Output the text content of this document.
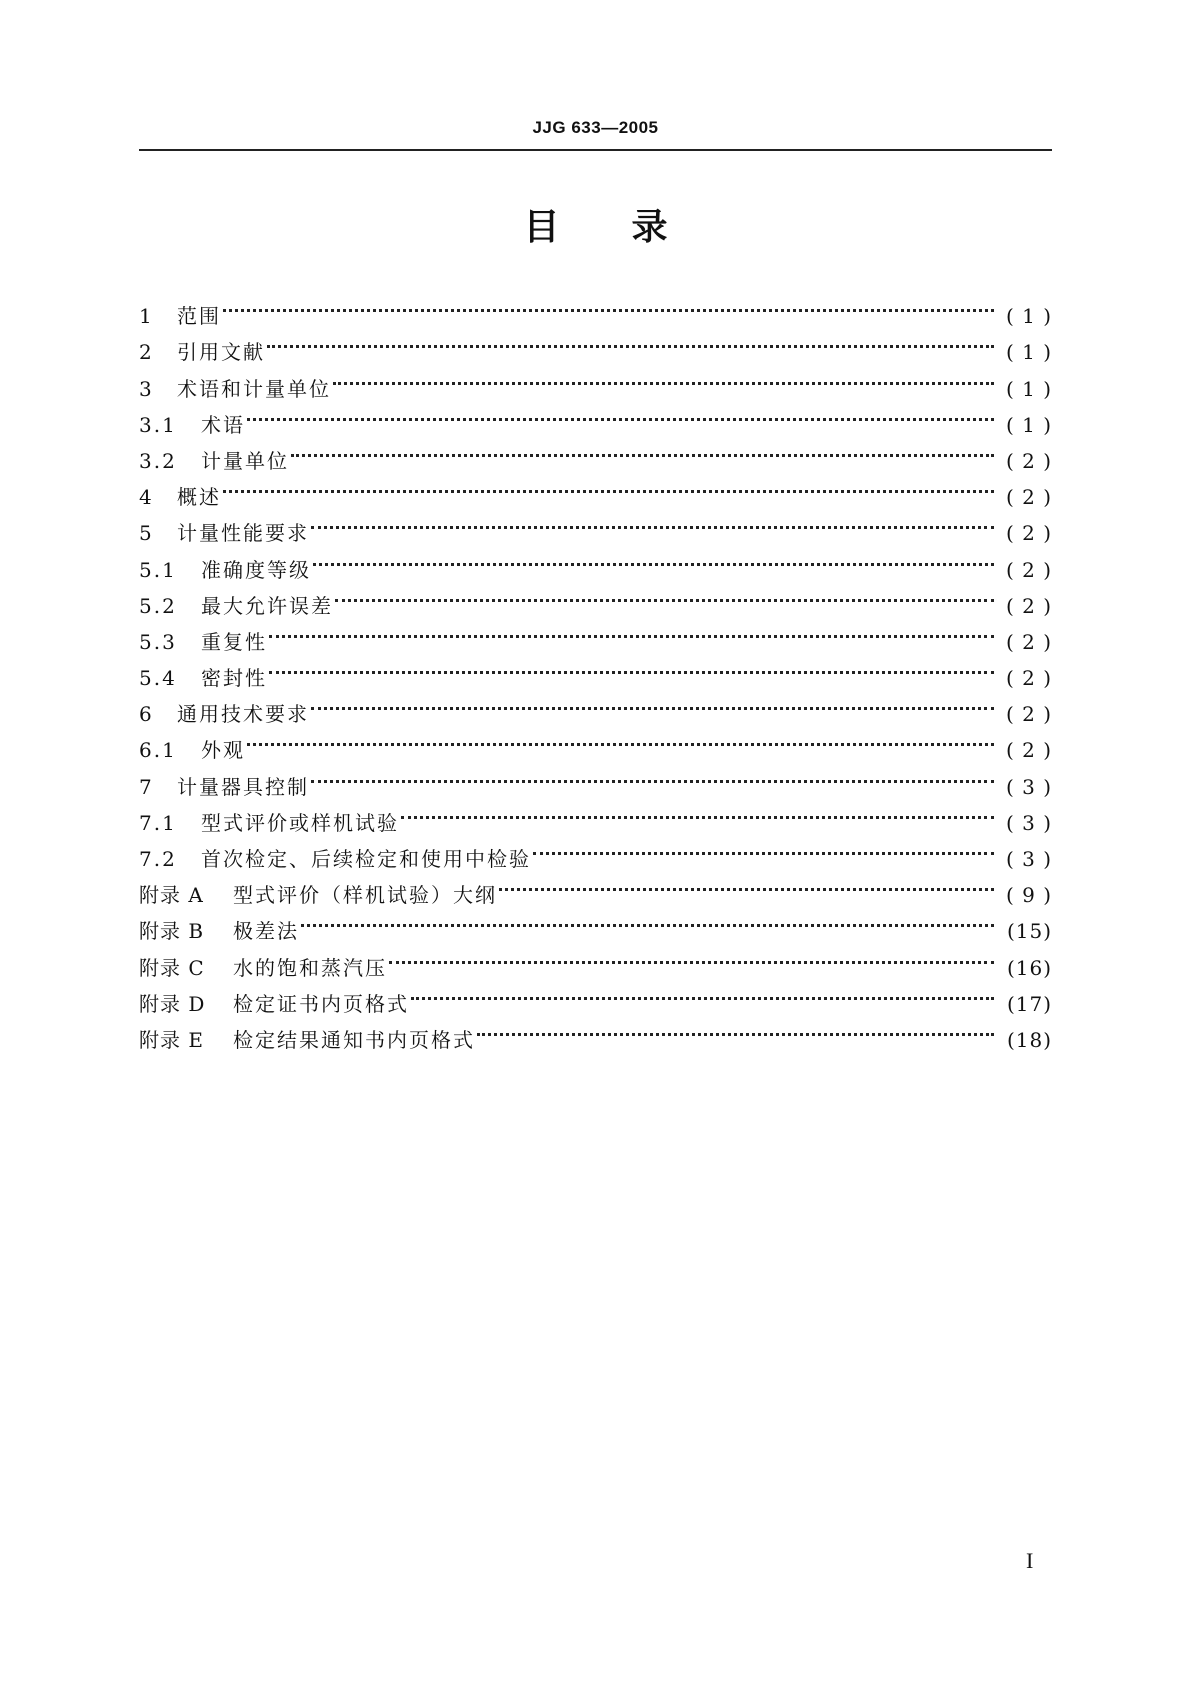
JJG 633—2005
目录
1	范围	( 1 )
2	引用文献	( 1 )
3	术语和计量单位	( 1 )
3.1	术语	( 1 )
3.2	计量单位	( 2 )
4	概述	( 2 )
5	计量性能要求	( 2 )
5.1	准确度等级	( 2 )
5.2	最大允许误差	( 2 )
5.3	重复性	( 2 )
5.4	密封性	( 2 )
6	通用技术要求	( 2 )
6.1	外观	( 2 )
7	计量器具控制	( 3 )
7.1	型式评价或样机试验	( 3 )
7.2	首次检定、后续检定和使用中检验	( 3 )
附录 A	型式评价（样机试验）大纲	( 9 )
附录 B	极差法	(15)
附录 C	水的饱和蒸汽压	(16)
附录 D	检定证书内页格式	(17)
附录 E	检定结果通知书内页格式	(18)
I
